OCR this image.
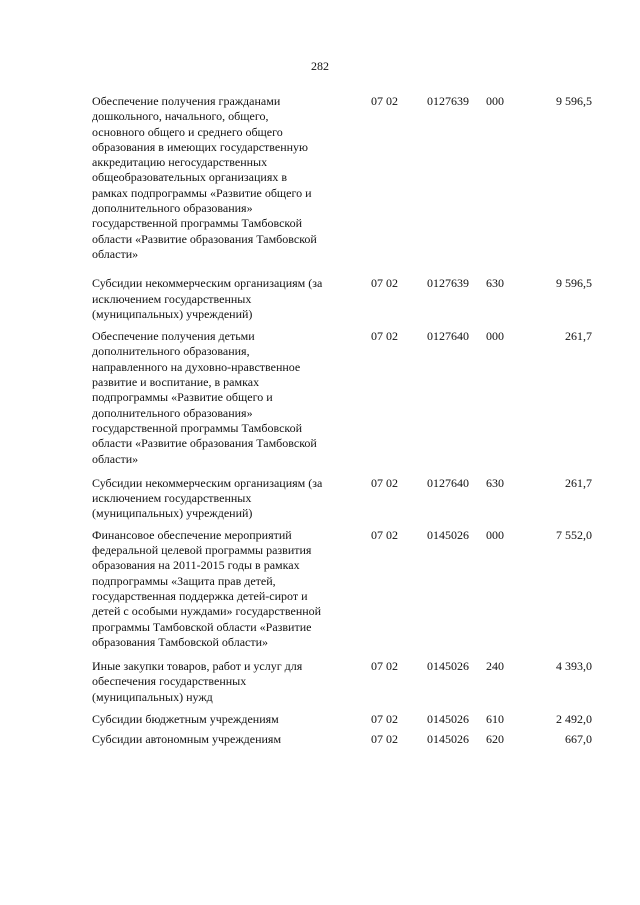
282
Обеспечение получения гражданами
дошкольного, начального, общего,
основного общего и среднего общего
образования в имеющих государственную
аккредитацию негосударственных
общеобразовательных организациях в
рамках подпрограммы «Развитие общего и
дополнительного образования»
государственной программы Тамбовской
области «Развитие образования Тамбовской
области»
07 02 0127639 000	9 596,5
Субсидии некоммерческим организациям (за
исключением государственных
(муниципальных) учреждений)
07 02 0127639 630	9 596,5
Обеспечение получения детьми
дополнительного образования,
направленного на духовно-нравственное
развитие и воспитание, в рамках
подпрограммы «Развитие общего и
дополнительного образования»
государственной программы Тамбовской
области «Развитие образования Тамбовской
области»
07 02 0127640 000	261,7
Субсидии некоммерческим организациям (за
исключением государственных
(муниципальных) учреждений)
07 02 0127640 630	261,7
Финансовое обеспечение мероприятий
федеральной целевой программы развития
образования на 2011-2015 годы в рамках
подпрограммы «Защита прав детей,
государственная поддержка детей-сирот и
детей с особыми нуждами» государственной
программы Тамбовской области «Развитие
образования Тамбовской области»
07 02 0145026 000	7 552,0
Иные закупки товаров, работ и услуг для
обеспечения государственных
(муниципальных) нужд
07 02 0145026 240	4 393,0
Субсидии бюджетным учреждениям	07 02 0145026 610	2 492,0
Субсидии автономным учреждениям	07 02 0145026 620	667,0
